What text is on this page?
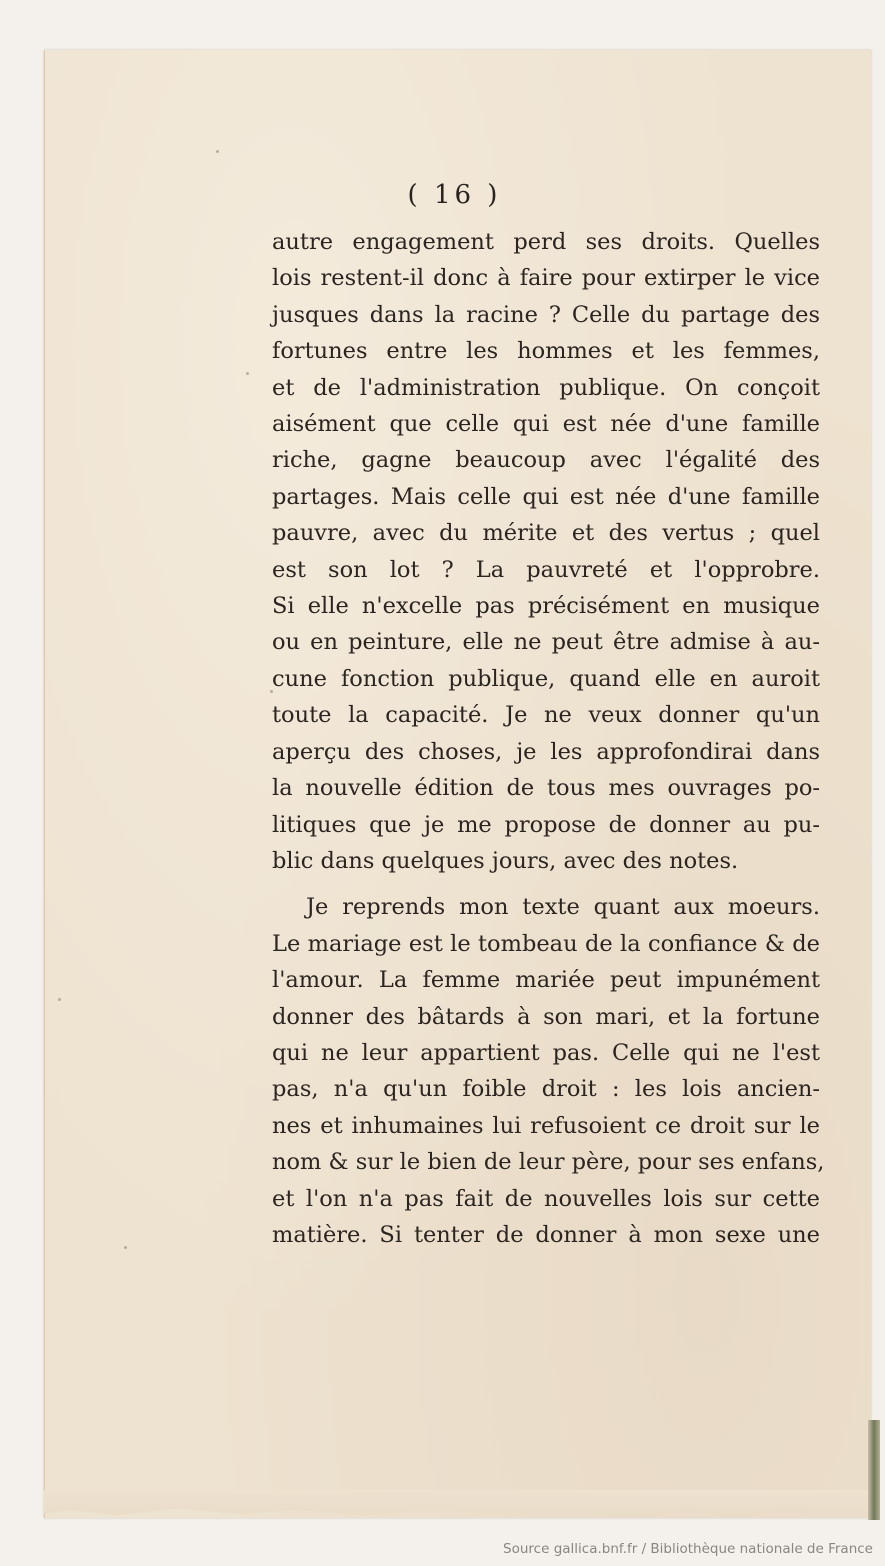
( 16 )
autre engagement perd ses droits. Quelles
lois restent-il donc à faire pour extirper le vice
jusques dans la racine ? Celle du partage des
fortunes entre les hommes et les femmes,
et de l'administration publique. On conçoit
aisément que celle qui est née d'une famille
riche, gagne beaucoup avec l'égalité des
partages. Mais celle qui est née d'une famille
pauvre, avec du mérite et des vertus ; quel
est son lot ? La pauvreté et l'opprobre.
Si elle n'excelle pas précisément en musique
ou en peinture, elle ne peut être admise à au-
cune fonction publique, quand elle en auroit
toute la capacité. Je ne veux donner qu'un
aperçu des choses, je les approfondirai dans
la nouvelle édition de tous mes ouvrages po-
litiques que je me propose de donner au pu-
blic dans quelques jours, avec des notes.
Je reprends mon texte quant aux moeurs.
Le mariage est le tombeau de la confiance & de
l'amour. La femme mariée peut impunément
donner des bâtards à son mari, et la fortune
qui ne leur appartient pas. Celle qui ne l'est
pas, n'a qu'un foible droit : les lois ancien-
nes et inhumaines lui refusoient ce droit sur le
nom & sur le bien de leur père, pour ses enfans,
et l'on n'a pas fait de nouvelles lois sur cette
matière. Si tenter de donner à mon sexe une
Source gallica.bnf.fr / Bibliothèque nationale de France
